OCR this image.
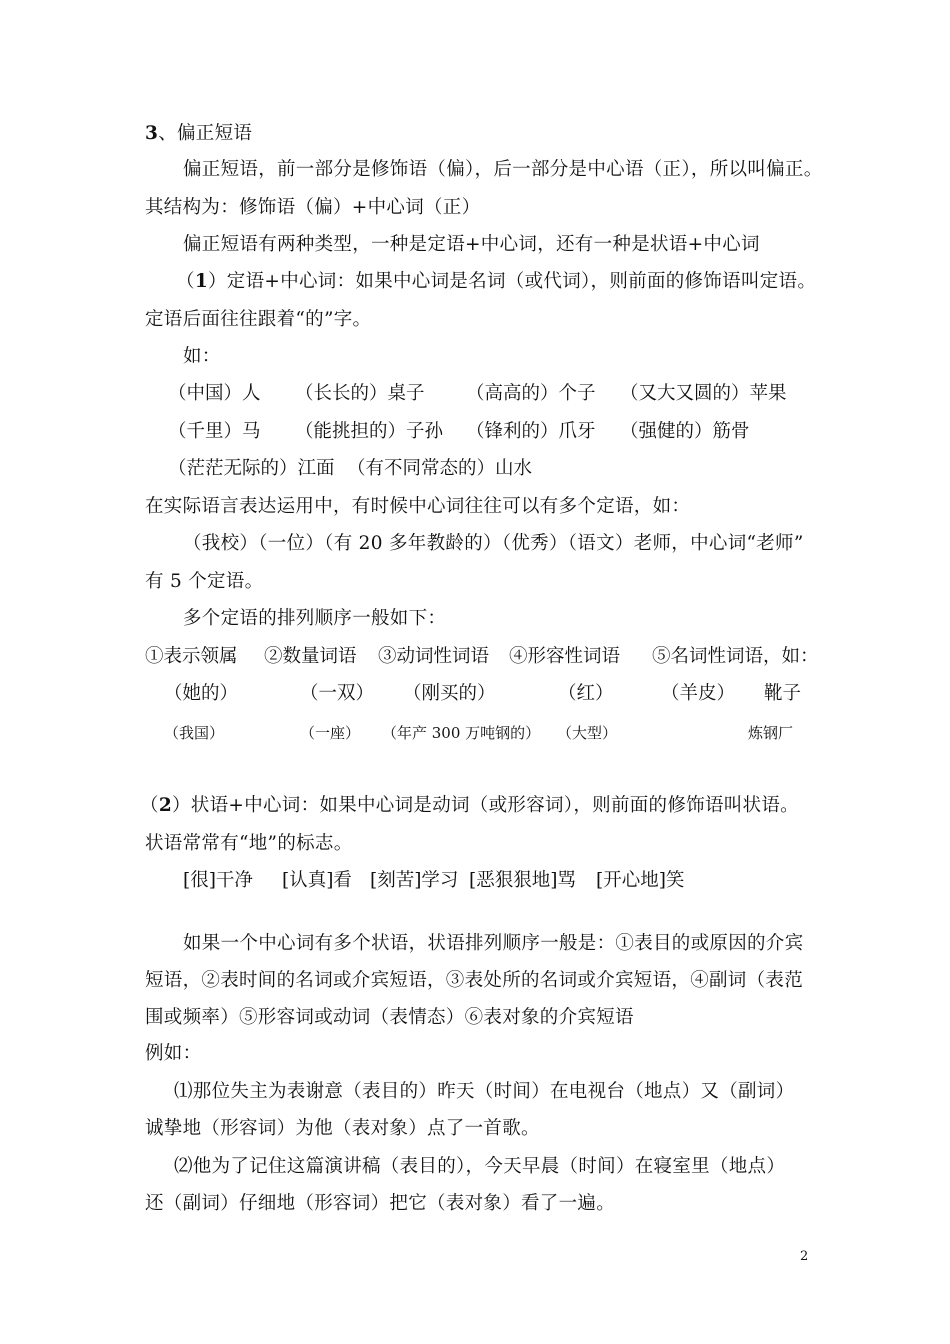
3、偏正短语
偏正短语，前一部分是修饰语（偏），后一部分是中心语（正），所以叫偏正。
其结构为：修饰语（偏）+中心词（正）
偏正短语有两种类型，一种是定语+中心词，还有一种是状语+中心词
（1）定语+中心词：如果中心词是名词（或代词），则前面的修饰语叫定语。
定语后面往往跟着“的”字。
如：
（中国）人 （长长的）桌子 （高高的）个子 （又大又圆的）苹果
（千里）马 （能挑担的）子孙 （锋利的）爪牙 （强健的）筋骨
（茫茫无际的）江面 （有不同常态的）山水
在实际语言表达运用中，有时候中心词往往可以有多个定语，如：
（我校）（一位）（有 20 多年教龄的）（优秀）（语文）老师，中心词“老师”
有 5 个定语。
多个定语的排列顺序一般如下：
①表示领属 ②数量词语 ③动词性词语 ④形容性词语 ⑤名词性词语，如：
（她的）	（一双） （刚买的）	（红）	（羊皮） 靴子
（我国）	（一座） （年产 300 万吨钢的） （大型）	炼钢厂
（2）状语+中心词：如果中心词是动词（或形容词），则前面的修饰语叫状语。
状语常常有“地”的标志。
[很]干净 [认真]看 [刻苦]学习 [恶狠狠地]骂 [开心地]笑
如果一个中心词有多个状语，状语排列顺序一般是：①表目的或原因的介宾
短语，②表时间的名词或介宾短语，③表处所的名词或介宾短语，④副词（表范
围或频率）⑤形容词或动词（表情态）⑥表对象的介宾短语
例如：
⑴那位失主为表谢意（表目的）昨天（时间）在电视台（地点）又（副词）
诚挚地（形容词）为他（表对象）点了一首歌。
⑵他为了记住这篇演讲稿（表目的），今天早晨（时间）在寝室里（地点）
还（副词）仔细地（形容词）把它（表对象）看了一遍。
2
